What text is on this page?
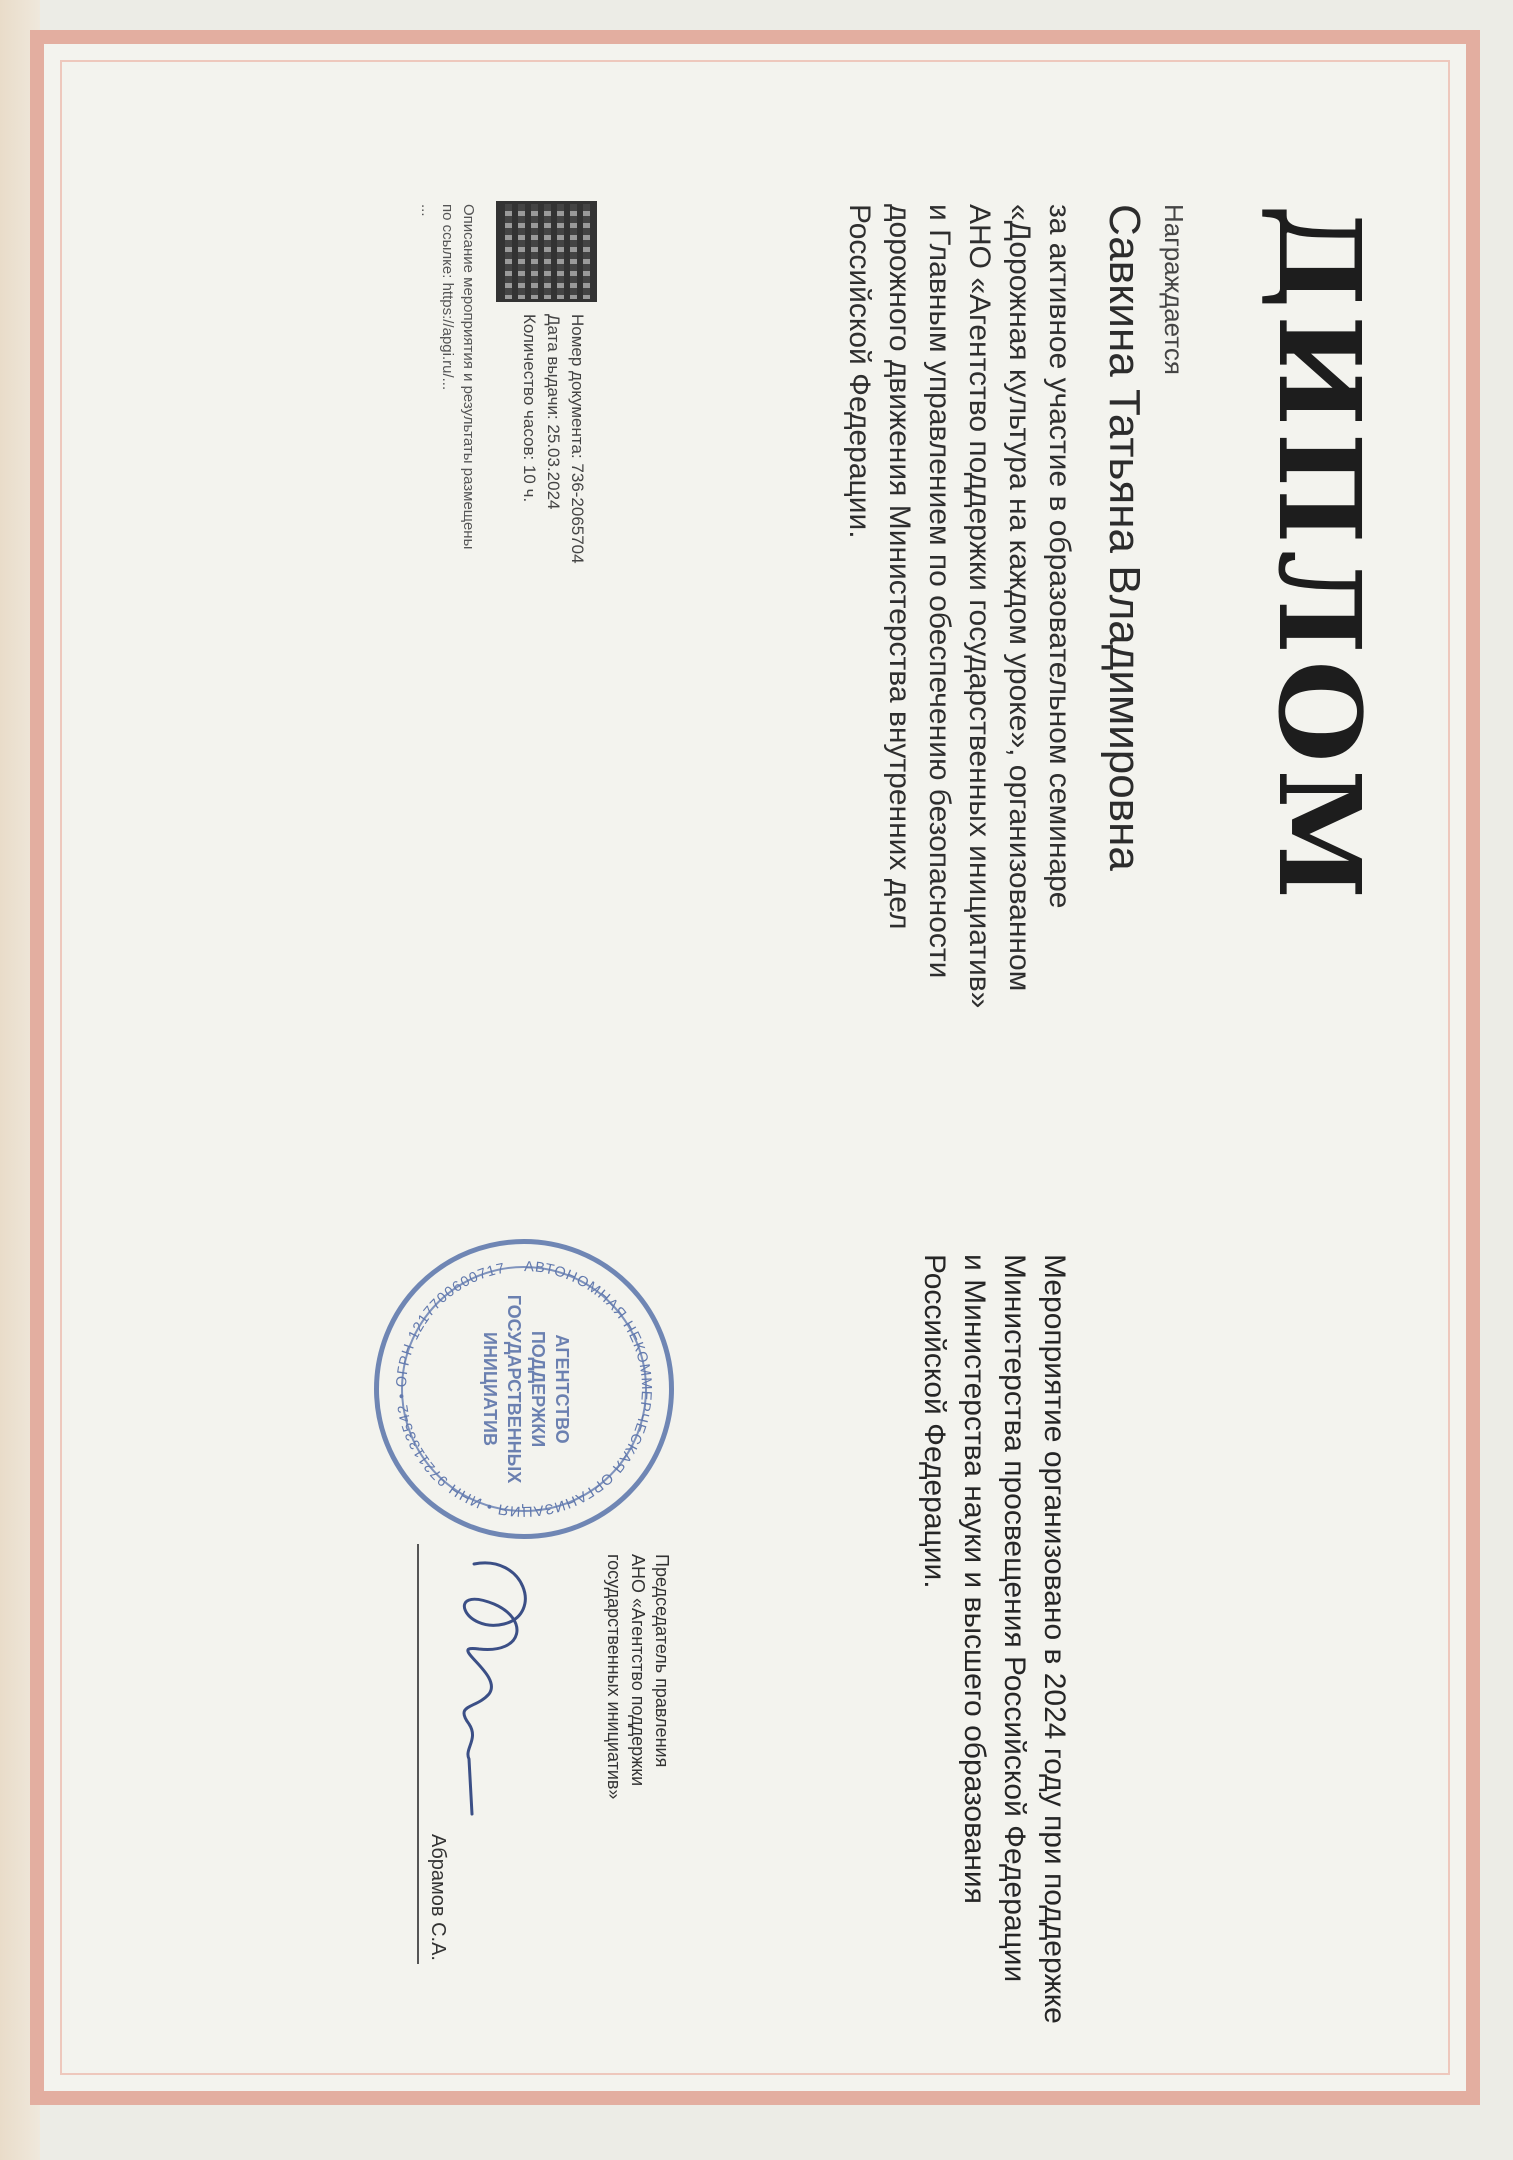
ДИПЛОМ
Награждается
Савкина Татьяна Владимировна

за активное участие в образовательном семинаре
«Дорожная культура на каждом уроке», организованном
АНО «Агентство поддержки государственных инициатив»
и Главным управлением по обеспечению безопасности
дорожного движения Министерства внутренних дел
Российской Федерации.

Мероприятие организовано в 2024 году при поддержке
Министерства просвещения Российской Федерации
и Министерства науки и высшего образования
Российской Федерации.

Номер документа: 736-2065704
Дата выдачи: 25.03.2024
Количество часов: 10 ч.
Описание мероприятия и результаты размещены
по ссылке: https://apgi.ru/...
...
АВТОНОМНАЯ НЕКОММЕРЧЕСКАЯ ОРГАНИЗАЦИЯ • ИНН 9721133542 • ОГРН 1217700600717
АГЕНТСТВО
ПОДДЕРЖКИ
ГОСУДАРСТВЕННЫХ
ИНИЦИАТИВ
Председатель правления
АНО «Агентство поддержки
государственных инициатив»
Абрамов С.А.
